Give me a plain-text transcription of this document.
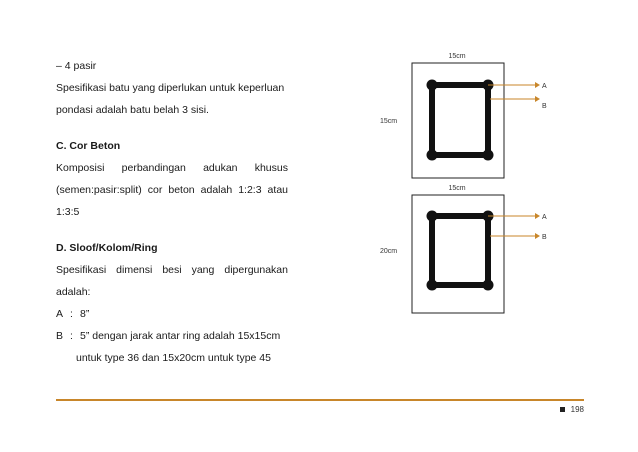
– 4 pasir
Spesifikasi batu yang diperlukan untuk keperluan
pondasi adalah batu belah 3 sisi.
C. Cor Beton
Komposisi perbandingan adukan khusus
(semen:pasir:split) cor beton adalah 1:2:3 atau
1:3:5
D. Sloof/Kolom/Ring
Spesifikasi dimensi besi yang dipergunakan
adalah:
A : 8”
B : 5” dengan jarak antar ring adalah 15x15cm
untuk type 36 dan 15x20cm untuk type 45
15cm
15cm
A
B
15cm
20cm
A
B
198
